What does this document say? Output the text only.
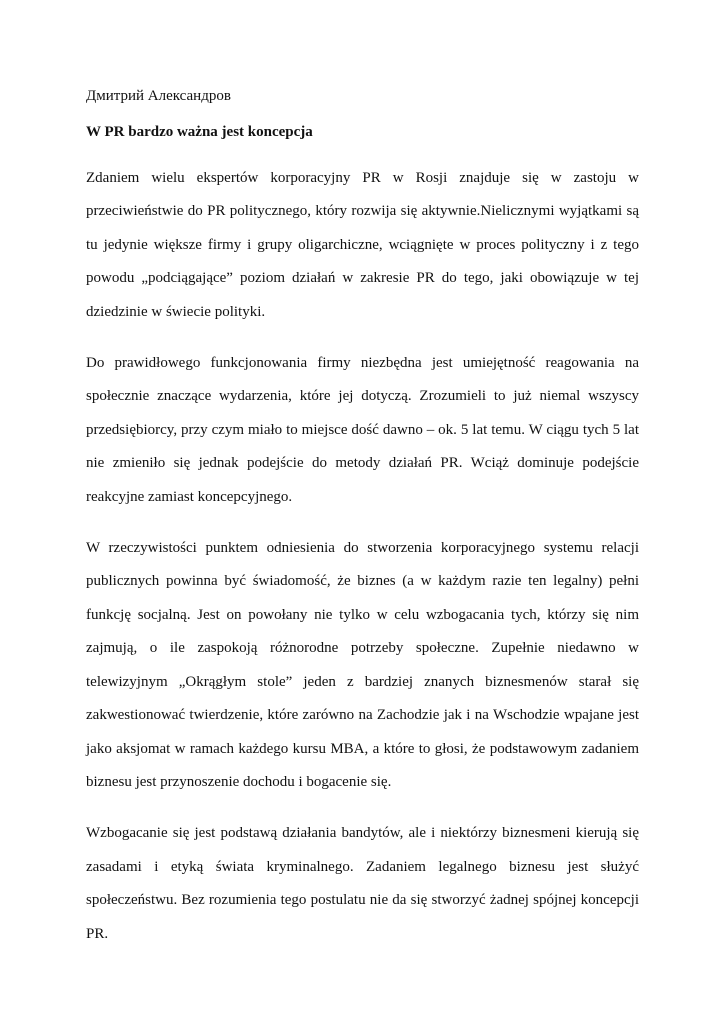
Дмитрий Александров
W PR bardzo ważna jest koncepcja

Zdaniem wielu ekspertów korporacyjny PR w Rosji znajduje się w zastoju w przeciwieństwie do PR politycznego, który rozwija się aktywnie.Nielicznymi wyjątkami są tu jedynie większe firmy i grupy oligarchiczne, wciągnięte w proces polityczny i z tego powodu „podciągające” poziom działań w zakresie PR do tego, jaki obowiązuje w tej dziedzinie w świecie polityki.

Do prawidłowego funkcjonowania firmy niezbędna jest umiejętność reagowania na społecznie znaczące wydarzenia, które jej dotyczą. Zrozumieli to już niemal wszyscy przedsiębiorcy, przy czym miało to miejsce dość dawno – ok. 5 lat temu. W ciągu tych 5 lat nie zmieniło się jednak podejście do metody działań PR. Wciąż dominuje podejście reakcyjne zamiast koncepcyjnego.

W rzeczywistości punktem odniesienia do stworzenia korporacyjnego systemu relacji publicznych powinna być świadomość, że biznes (a w każdym razie ten legalny) pełni funkcję socjalną. Jest on powołany nie tylko w celu wzbogacania tych, którzy się nim zajmują, o ile zaspokoją różnorodne potrzeby społeczne. Zupełnie niedawno w telewizyjnym „Okrągłym stole” jeden z bardziej znanych biznesmenów starał się zakwestionować twierdzenie, które zarówno na Zachodzie jak i na Wschodzie wpajane jest jako aksjomat w ramach każdego kursu MBA, a które to głosi, że podstawowym zadaniem biznesu jest przynoszenie dochodu i bogacenie się.

Wzbogacanie się jest podstawą działania bandytów, ale i niektórzy biznesmeni kierują się zasadami i etyką świata kryminalnego. Zadaniem legalnego biznesu jest służyć społeczeństwu. Bez rozumienia tego postulatu nie da się stworzyć żadnej spójnej koncepcji PR.
